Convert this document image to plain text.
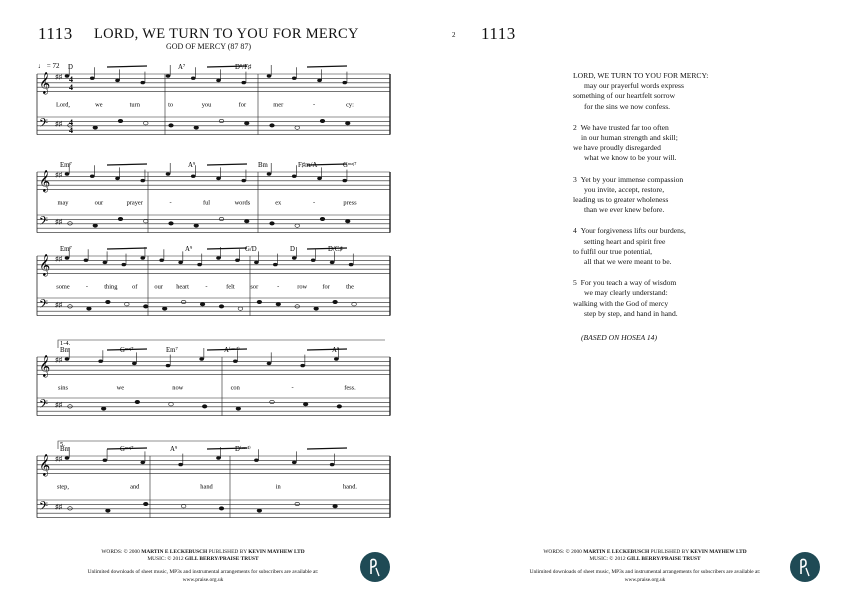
1113 LORD, WE TURN TO YOU FOR MERCY
GOD OF MERCY (87 87)
2 1113
𝄞 ♯♯
𝄢 ♯♯
4
4
4
4
𝄞 ♯♯
𝄢 ♯♯
𝄞 ♯♯
𝄢 ♯♯
𝄞 ♯♯
𝄢 ♯♯
𝄞 ♯♯
𝄢 ♯♯
♩ = 72
1-4.
5.
D	A⁷	D⁹/F♯
Lord,	we	turn	to	you	for	mer	-	cy:
Em⁷	A⁹	Bm	F♯m/A	Gᵐᵃʲ⁷
may	our	prayer	-	ful	words	ex	-	press
Em⁷	A⁹	G/D	D	D/C♯
some	-	thing of	our heart	-	felt sor	-	row for	the
Bm	Gᵐᵃʲ⁷	Em⁷	A⁽ˢᵘˢ⁴⁾	A⁹
sins	we	now	con	-	fess.
Bm	Gᵐᵃʲ⁷	A⁹	D⁽ˢᵘˢ⁴⁾
step,	and	hand	in	hand.
LORD, WE TURN TO YOU FOR MERCY:
may our prayerful words express
something of our heartfelt sorrow
for the sins we now confess.
2 We have trusted far too often
in our human strength and skill;
we have proudly disregarded
what we know to be your will.
3 Yet by your immense compassion
you invite, accept, restore,
leading us to greater wholeness
than we ever knew before.
4 Your forgiveness lifts our burdens,
setting heart and spirit free
to fulfil our true potential,
all that we were meant to be.
5 For you teach a way of wisdom
we may clearly understand:
walking with the God of mercy
step by step, and hand in hand.
(BASED ON HOSEA 14)
WORDS: © 2000 MARTIN E LECKEBUSCH PUBLISHED BY KEVIN MAYHEW LTD
MUSIC: © 2012 GILL BERRY/PRAISE TRUST
Unlimited downloads of sheet music, MP3s and instrumental arrangements for subscribers are available at:
www.praise.org.uk
WORDS: © 2000 MARTIN E LECKEBUSCH PUBLISHED BY KEVIN MAYHEW LTD
MUSIC: © 2012 GILL BERRY/PRAISE TRUST
Unlimited downloads of sheet music, MP3s and instrumental arrangements for subscribers are available at:
www.praise.org.uk
